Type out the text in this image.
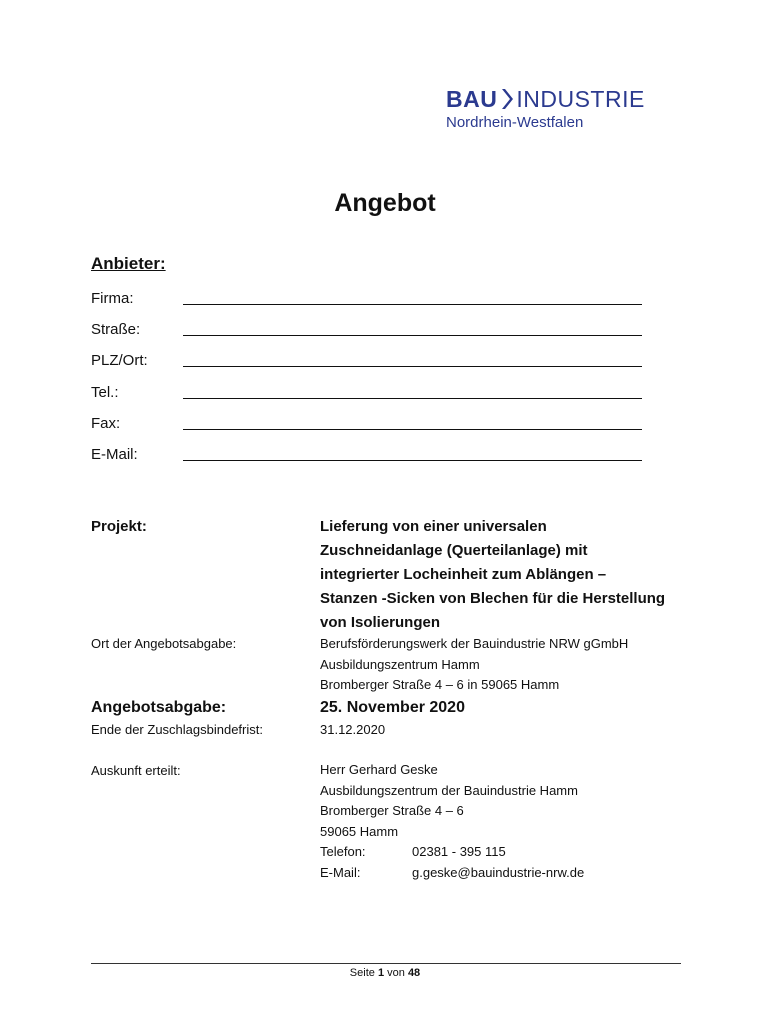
BAU INDUSTRIE
Nordrhein-Westfalen
Angebot
Anbieter:
Firma:
Straße:
PLZ/Ort:
Tel.:
Fax:
E-Mail:
Projekt:	Lieferung von einer universalen
Zuschneidanlage (Querteilanlage) mit
integrierter Locheinheit zum Ablängen –
Stanzen -Sicken von Blechen für die Herstellung
von Isolierungen
Ort der Angebotsabgabe:	Berufsförderungswerk der Bauindustrie NRW gGmbH
Ausbildungszentrum Hamm
Bromberger Straße 4 – 6 in 59065 Hamm
Angebotsabgabe:	25. November 2020
Ende der Zuschlagsbindefrist:	31.12.2020
Auskunft erteilt:	Herr Gerhard Geske
Ausbildungszentrum der Bauindustrie Hamm
Bromberger Straße 4 – 6
59065 Hamm
Telefon:	02381 - 395 115
E-Mail:	g.geske@bauindustrie-nrw.de
Seite 1 von 48
